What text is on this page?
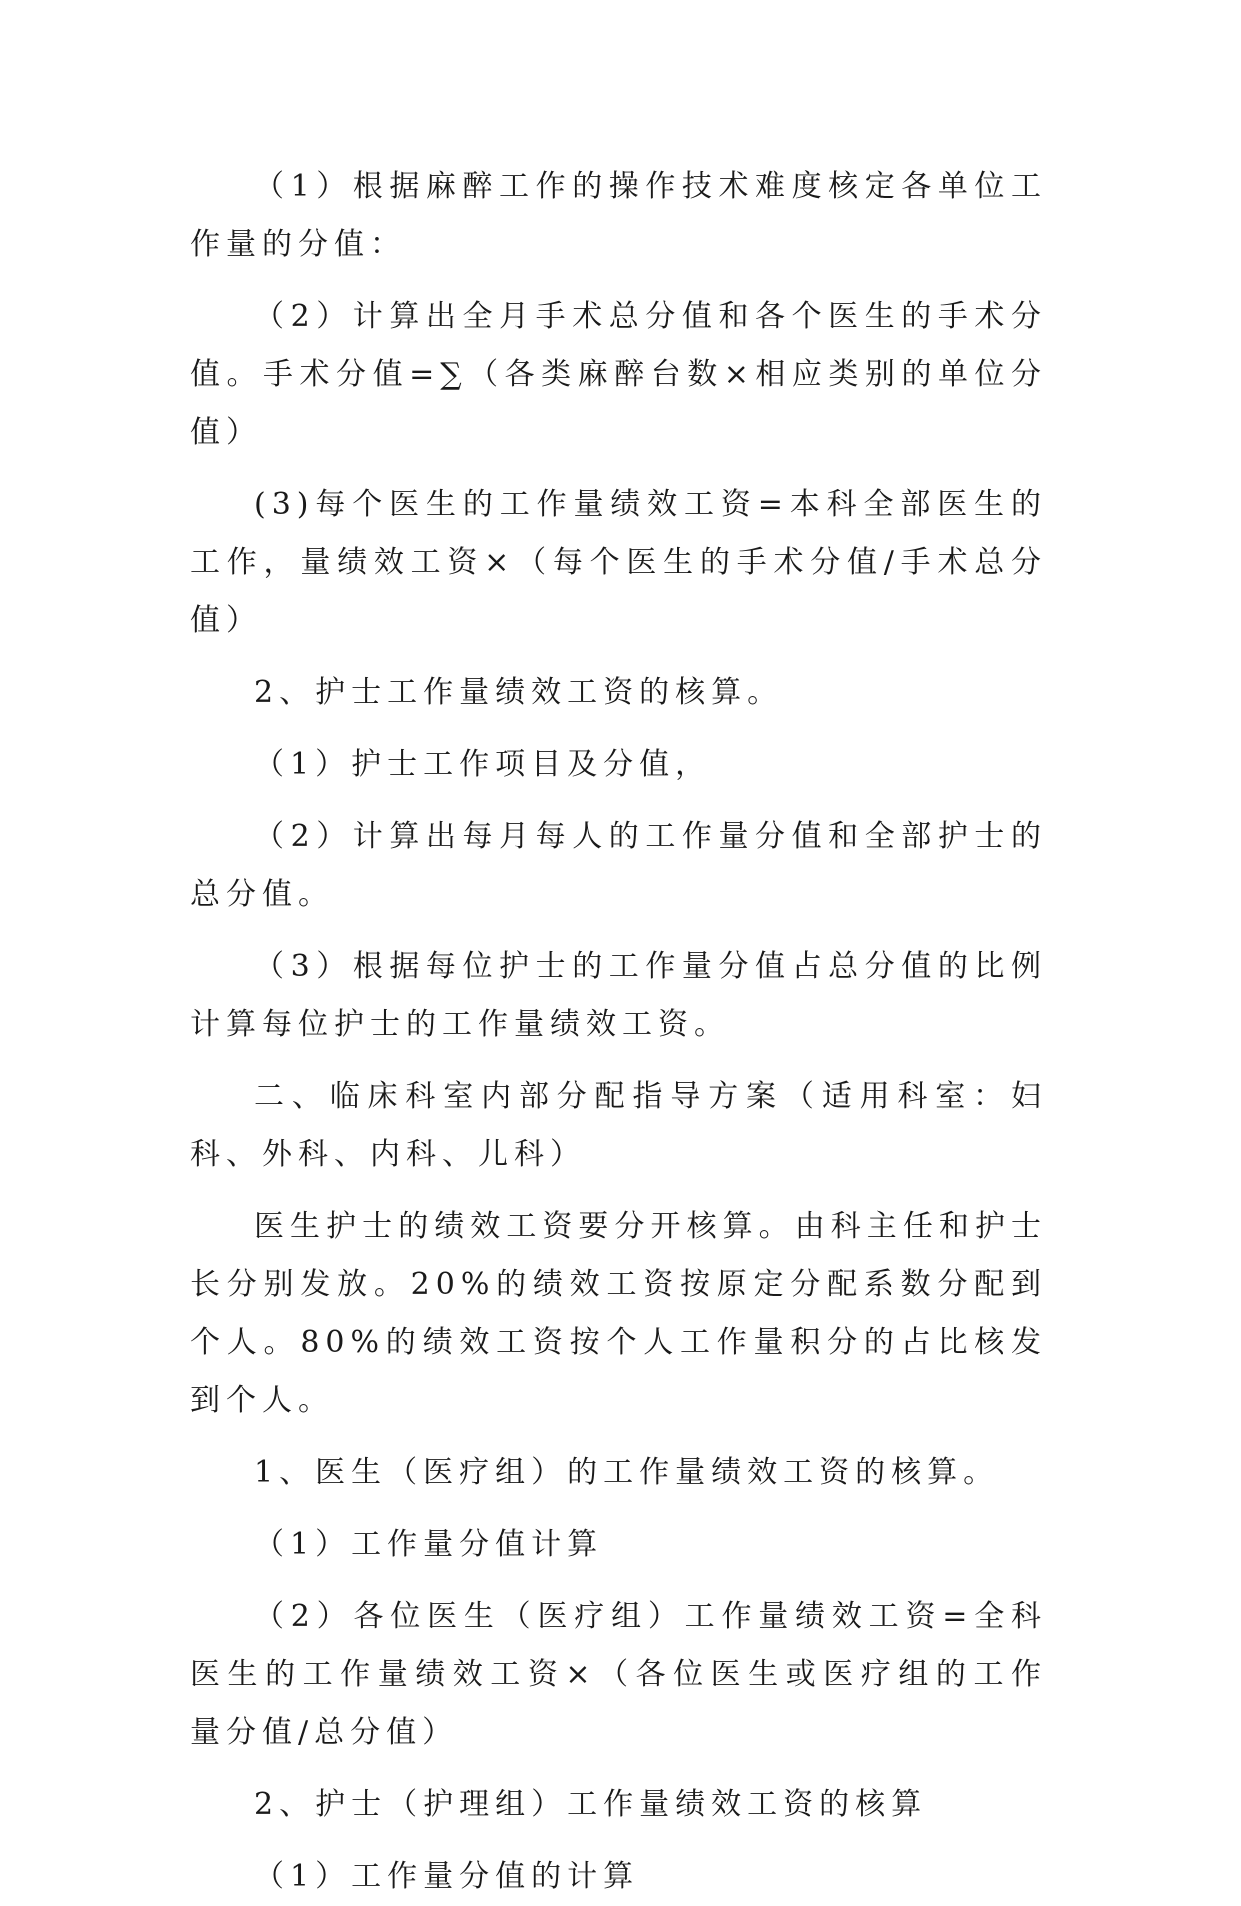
（1）根据麻醉工作的操作技术难度核定各单位工作量的分值：

（2）计算出全月手术总分值和各个医生的手术分值。手术分值=∑（各类麻醉台数×相应类别的单位分值）

(3)每个医生的工作量绩效工资=本科全部医生的工作，量绩效工资×（每个医生的手术分值/手术总分值）

2、护士工作量绩效工资的核算。

（1）护士工作项目及分值，

（2）计算出每月每人的工作量分值和全部护士的总分值。

（3）根据每位护士的工作量分值占总分值的比例计算每位护士的工作量绩效工资。

二、临床科室内部分配指导方案（适用科室：妇科、外科、内科、儿科）

医生护士的绩效工资要分开核算。由科主任和护士长分别发放。20%的绩效工资按原定分配系数分配到个人。80%的绩效工资按个人工作量积分的占比核发到个人。

1、医生（医疗组）的工作量绩效工资的核算。

（1）工作量分值计算

（2）各位医生（医疗组）工作量绩效工资=全科医生的工作量绩效工资×（各位医生或医疗组的工作量分值/总分值）

2、护士（护理组）工作量绩效工资的核算

（1）工作量分值的计算
